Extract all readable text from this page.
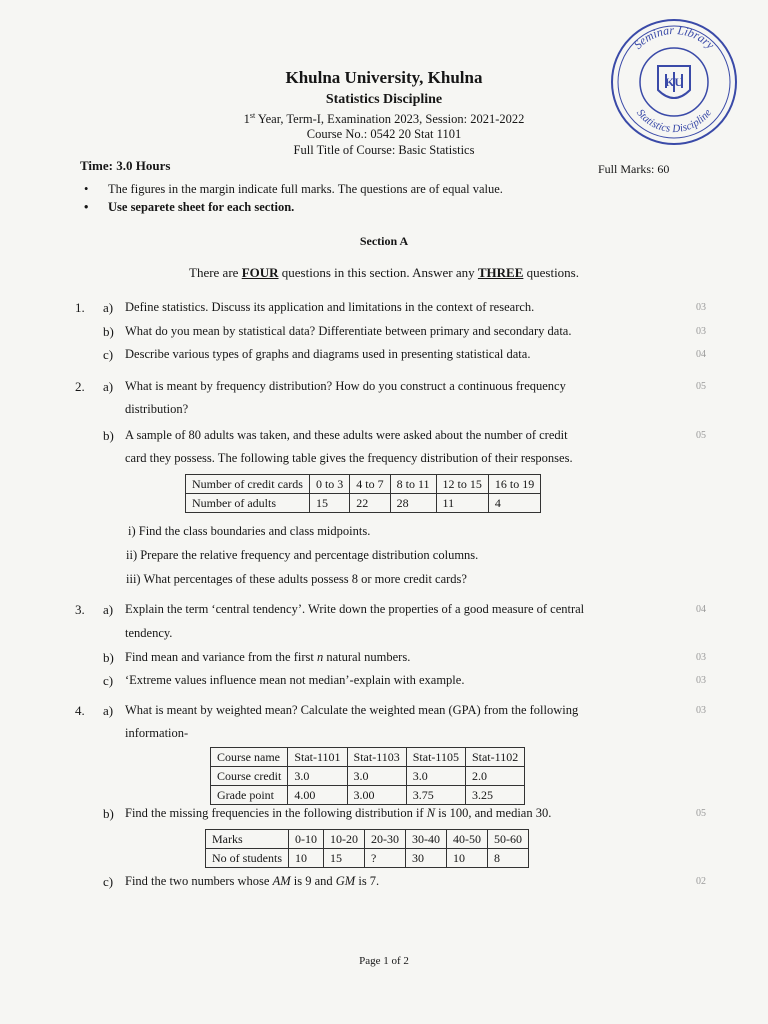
Seminar Library
Statistics Discipline
KU
Khulna University, Khulna
Statistics Discipline
1st Year, Term-I, Examination 2023, Session: 2021-2022
Course No.: 0542 20 Stat 1101
Full Title of Course: Basic Statistics
Time: 3.0 Hours	Full Marks: 60
• The figures in the margin indicate full marks. The questions are of equal value.
• Use separete sheet for each section.
Section A
There are FOUR questions in this section. Answer any THREE questions.
1. a) Define statistics. Discuss its application and limitations in the context of research.	03
b) What do you mean by statistical data? Differentiate between primary and secondary data.	03
c) Describe various types of graphs and diagrams used in presenting statistical data.	04
2. a) What is meant by frequency distribution? How do you construct a continuous frequency
distribution?
05
b) A sample of 80 adults was taken, and these adults were asked about the number of credit
card they possess. The following table gives the frequency distribution of their responses.
05
Number of credit cards	0 to 3	4 to 7	8 to 11	12 to 15	16 to 19
Number of adults	15	22	28	11	4
i) Find the class boundaries and class midpoints.
ii) Prepare the relative frequency and percentage distribution columns.
iii) What percentages of these adults possess 8 or more credit cards?
3. a) Explain the term ‘central tendency’. Write down the properties of a good measure of central
tendency.
04
b) Find mean and variance from the first n natural numbers.	03
c) ‘Extreme values influence mean not median’-explain with example.	03
4. a) What is meant by weighted mean? Calculate the weighted mean (GPA) from the following
information-
03
Course name	Stat-1101	Stat-1103	Stat-1105	Stat-1102
Course credit	3.0	3.0	3.0	2.0
Grade point	4.00	3.00	3.75	3.25
b) Find the missing frequencies in the following distribution if N is 100, and median 30.	05
Marks	0-10	10-20	20-30	30-40	40-50	50-60
No of students	10	15	?	30	10	8
c) Find the two numbers whose AM is 9 and GM is 7.	02
Page 1 of 2
